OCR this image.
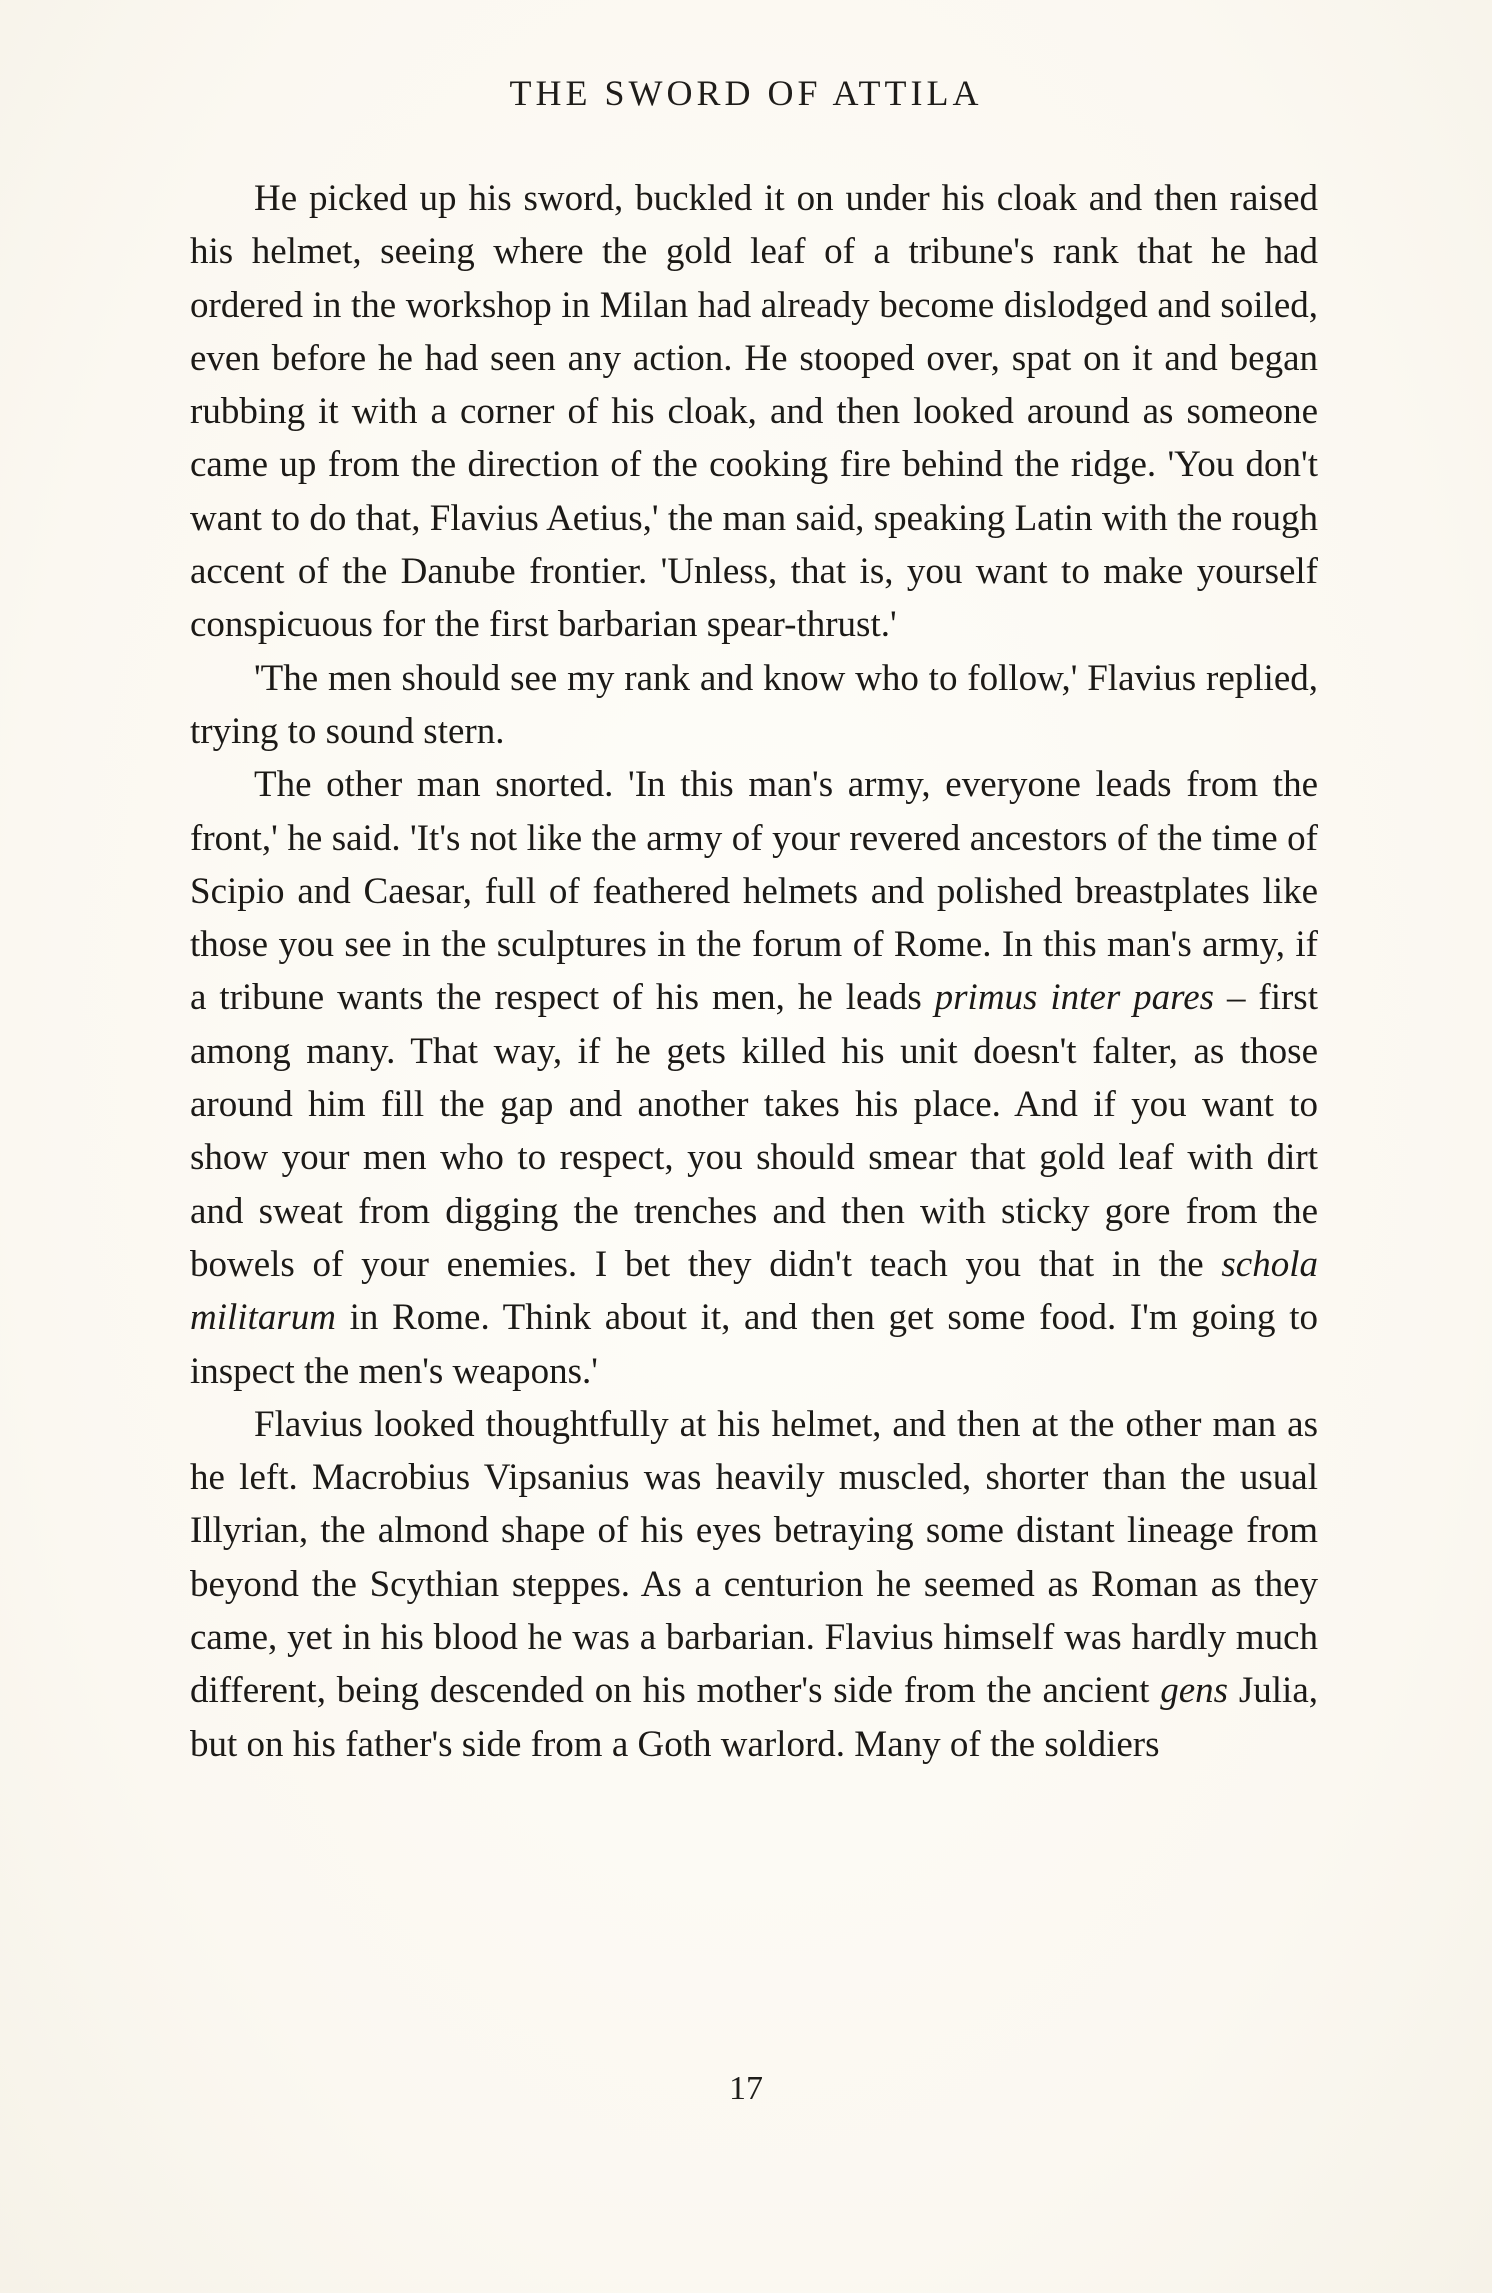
THE SWORD OF ATTILA

He picked up his sword, buckled it on under his cloak and then raised his helmet, seeing where the gold leaf of a tribune's rank that he had ordered in the workshop in Milan had already become dislodged and soiled, even before he had seen any action. He stooped over, spat on it and began rubbing it with a corner of his cloak, and then looked around as someone came up from the direction of the cooking fire behind the ridge. 'You don't want to do that, Flavius Aetius,' the man said, speaking Latin with the rough accent of the Danube frontier. 'Unless, that is, you want to make yourself conspicuous for the first barbarian spear-thrust.'

'The men should see my rank and know who to follow,' Flavius replied, trying to sound stern.

The other man snorted. 'In this man's army, everyone leads from the front,' he said. 'It's not like the army of your revered ancestors of the time of Scipio and Caesar, full of feathered helmets and polished breastplates like those you see in the sculptures in the forum of Rome. In this man's army, if a tribune wants the respect of his men, he leads primus inter pares – first among many. That way, if he gets killed his unit doesn't falter, as those around him fill the gap and another takes his place. And if you want to show your men who to respect, you should smear that gold leaf with dirt and sweat from digging the trenches and then with sticky gore from the bowels of your enemies. I bet they didn't teach you that in the schola militarum in Rome. Think about it, and then get some food. I'm going to inspect the men's weapons.'

Flavius looked thoughtfully at his helmet, and then at the other man as he left. Macrobius Vipsanius was heavily muscled, shorter than the usual Illyrian, the almond shape of his eyes betraying some distant lineage from beyond the Scythian steppes. As a centurion he seemed as Roman as they came, yet in his blood he was a barbarian. Flavius himself was hardly much different, being descended on his mother's side from the ancient gens Julia, but on his father's side from a Goth warlord. Many of the soldiers

17
